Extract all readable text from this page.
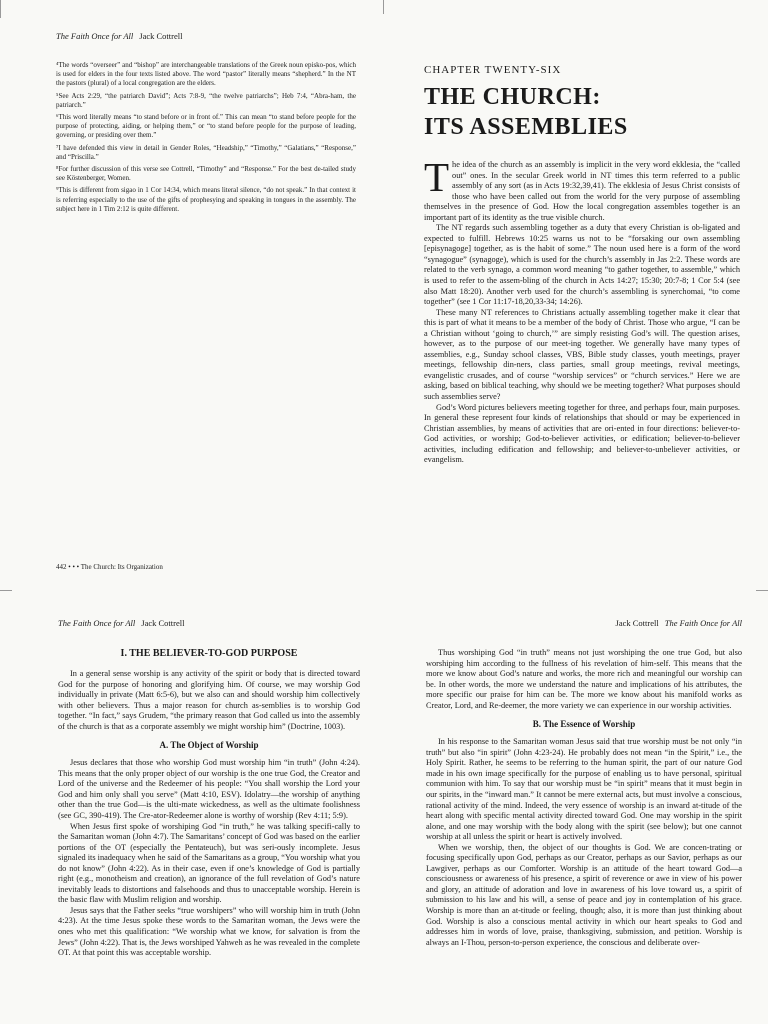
The Faith Once for All Jack Cottrell

⁴The words “overseer” and “bishop” are interchangeable translations of the Greek noun episko-pos, which is used for elders in the four texts listed above. The word “pastor” literally means “shepherd.” In the NT the pastors (plural) of a local congregation are the elders.

⁵See Acts 2:29, “the patriarch David”; Acts 7:8-9, “the twelve patriarchs”; Heb 7:4, “Abra-ham, the patriarch.”

⁶This word literally means “to stand before or in front of.” This can mean “to stand before people for the purpose of protecting, aiding, or helping them,” or “to stand before people for the purpose of leading, governing, or presiding over them.”

⁷I have defended this view in detail in Gender Roles, “Headship,” “Timothy,” “Galatians,” “Response,” and “Priscilla.”

⁸For further discussion of this verse see Cottrell, “Timothy” and “Response.” For the best de-tailed study see Köstenberger, Women.

⁹This is different from sigao in 1 Cor 14:34, which means literal silence, “do not speak.” In that context it is referring especially to the use of the gifts of prophesying and speaking in tongues in the assembly. The subject here in 1 Tim 2:12 is quite different.

442 • • • The Church: Its Organization
CHAPTER TWENTY-SIX
THE CHURCH:
ITS ASSEMBLIES

The idea of the church as an assembly is implicit in the very word ekklesia, the “called out” ones. In the secular Greek world in NT times this term referred to a public assembly of any sort (as in Acts 19:32,39,41). The ekklesia of Jesus Christ consists of those who have been called out from the world for the very purpose of assembling themselves in the presence of God. How the local congregation assembles together is an important part of its identity as the true visible church.

The NT regards such assembling together as a duty that every Christian is ob-ligated and expected to fulfill. Hebrews 10:25 warns us not to be “forsaking our own assembling [episynagoge] together, as is the habit of some.” The noun used here is a form of the word “synagogue” (synagoge), which is used for the church’s assembly in Jas 2:2. These words are related to the verb synago, a common word meaning “to gather together, to assemble,” which is used to refer to the assem-bling of the church in Acts 14:27; 15:30; 20:7-8; 1 Cor 5:4 (see also Matt 18:20). Another verb used for the church’s assembling is synerchomai, “to come together” (see 1 Cor 11:17-18,20,33-34; 14:26).

These many NT references to Christians actually assembling together make it clear that this is part of what it means to be a member of the body of Christ. Those who argue, “I can be a Christian without ‘going to church,’” are simply resisting God’s will. The question arises, however, as to the purpose of our meet-ing together. We generally have many types of assemblies, e.g., Sunday school classes, VBS, Bible study classes, youth meetings, prayer meetings, fellowship din-ners, class parties, small group meetings, revival meetings, evangelistic crusades, and of course “worship services” or “church services.” Here we are asking, based on biblical teaching, why should we be meeting together? What purposes should such assemblies serve?

God’s Word pictures believers meeting together for three, and perhaps four, main purposes. In general these represent four kinds of relationships that should or may be experienced in Christian assemblies, by means of activities that are ori-ented in four directions: believer-to-God activities, or worship; God-to-believer activities, or edification; believer-to-believer activities, including edification and fellowship; and believer-to-unbeliever activities, or evangelism.

The Faith Once for All Jack Cottrell
I. THE BELIEVER-TO-GOD PURPOSE

In a general sense worship is any activity of the spirit or body that is directed toward God for the purpose of honoring and glorifying him. Of course, we may worship God individually in private (Matt 6:5-6), but we also can and should worship him collectively with other believers. Thus a major reason for church as-semblies is to worship God together. “In fact,” says Grudem, “the primary reason that God called us into the assembly of the church is that as a corporate assembly we might worship him” (Doctrine, 1003).

A. The Object of Worship

Jesus declares that those who worship God must worship him “in truth” (John 4:24). This means that the only proper object of our worship is the one true God, the Creator and Lord of the universe and the Redeemer of his people: “You shall worship the Lord your God and him only shall you serve” (Matt 4:10, ESV). Idolatry—the worship of anything other than the true God—is the ulti-mate wickedness, as well as the ultimate foolishness (see GC, 390-419). The Cre-ator-Redeemer alone is worthy of worship (Rev 4:11; 5:9).

When Jesus first spoke of worshiping God “in truth,” he was talking specifi-cally to the Samaritan woman (John 4:7). The Samaritans’ concept of God was based on the earlier portions of the OT (especially the Pentateuch), but was seri-ously incomplete. Jesus signaled its inadequacy when he said of the Samaritans as a group, “You worship what you do not know” (John 4:22). As in their case, even if one’s knowledge of God is partially right (e.g., monotheism and creation), an ignorance of the full revelation of God’s nature inevitably leads to distortions and falsehoods and thus to unacceptable worship. Herein is the basic flaw with Muslim religion and worship.

Jesus says that the Father seeks “true worshipers” who will worship him in truth (John 4:23). At the time Jesus spoke these words to the Samaritan woman, the Jews were the ones who met this qualification: “We worship what we know, for salvation is from the Jews” (John 4:22). That is, the Jews worshiped Yahweh as he was revealed in the complete OT. At that point this was acceptable worship.

Jack Cottrell The Faith Once for All

Thus worshiping God “in truth” means not just worshiping the one true God, but also worshiping him according to the fullness of his revelation of him-self. This means that the more we know about God’s nature and works, the more rich and meaningful our worship can be. In other words, the more we understand the nature and implications of his attributes, the more specific our praise for him can be. The more we know about his manifold works as Creator, Lord, and Re-deemer, the more variety we can experience in our worship activities.

B. The Essence of Worship

In his response to the Samaritan woman Jesus said that true worship must be not only “in truth” but also “in spirit” (John 4:23-24). He probably does not mean “in the Spirit,” i.e., the Holy Spirit. Rather, he seems to be referring to the human spirit, the part of our nature God made in his own image specifically for the purpose of enabling us to have personal, spiritual communion with him. To say that our worship must be “in spirit” means that it must begin in our spirits, in the “inward man.” It cannot be mere external acts, but must involve a conscious, rational activity of the mind. Indeed, the very essence of worship is an inward at-titude of the heart along with specific mental activity directed toward God. One may worship in the spirit alone, and one may worship with the body along with the spirit (see below); but one cannot worship at all unless the spirit or heart is actively involved.

When we worship, then, the object of our thoughts is God. We are concen-trating or focusing specifically upon God, perhaps as our Creator, perhaps as our Savior, perhaps as our Lawgiver, perhaps as our Comforter. Worship is an attitude of the heart toward God—a consciousness or awareness of his presence, a spirit of reverence or awe in view of his power and glory, an attitude of adoration and love in awareness of his love toward us, a spirit of submission to his law and his will, a sense of peace and joy in contemplation of his grace. Worship is more than an at-titude or feeling, though; also, it is more than just thinking about God. Worship is also a conscious mental activity in which our heart speaks to God and addresses him in words of love, praise, thanksgiving, submission, and petition. Worship is always an I-Thou, person-to-person experience, the conscious and deliberate over-
